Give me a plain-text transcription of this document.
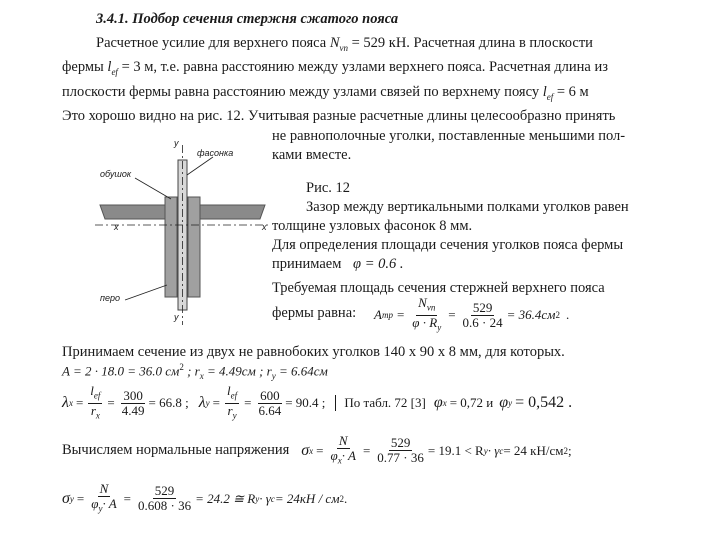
3.4.1. Подбор сечения стержня сжатого пояса
Расчетное усилие для верхнего пояса $N_{vп} = 529$ кН. Расчетная длина в плоскости
фермы $l_{ef} = 3$ м, т.е. равна расстоянию между узлами верхнего пояса. Расчетная длина из
плоскости фермы равна расстоянию между узлами связей по верхнему поясу $l_{ef} = 6$ м
Это хорошо видно на рис. 12. Учитывая разные расчетные длины целесообразно принять
не равнополочные уголки, поставленные меньшими пол-
ками вместе.
y
фасонка
обушок
x	x
перо
y
Рис. 12
Зазор между вертикальными полками уголков равен
толщине узловых фасонок 8 мм.
Для определения площади сечения уголков пояса фермы
принимаем φ = 0.6 .
Требуемая площадь сечения стержней верхнего пояса
фермы равна: A тр = $\frac{N_{vп}}{\varphi \cdot R_y} = \frac{529}{0.6 \cdot 24} = 36.4см$ 2 .
Принимаем сечение из двух не равнобоких уголков 140 х 90 х 8 мм, для которых.
A = 2 · 18.0 = 36.0 $см^2$ ; $r_x = 4.49см$ ; $r_y = 6.64см$
λ $x = \frac{l_{ef}}{r_x} = \frac{300}{4.49} = 66.8$ ; λ $y = \frac{l_{ef}}{r_y} = \frac{600}{6.64} = 90.4$ ;	По табл. 72 [3] φ x = 0,72 и φ y = 0,542 .
Вычисляем нормальные напряжения σ $x = \frac{N}{\varphi_x\cdot A} = \frac{529}{0.77 \cdot 36} = 19.1 < R$ y · γ c = 24 кН/см 2 ;
σ $y = \frac{N}{\varphi_y\cdot A} = \frac{529}{0.608 \cdot 36} = 24.2$ ≅ R y · γ c = 24кН / см 2 .
